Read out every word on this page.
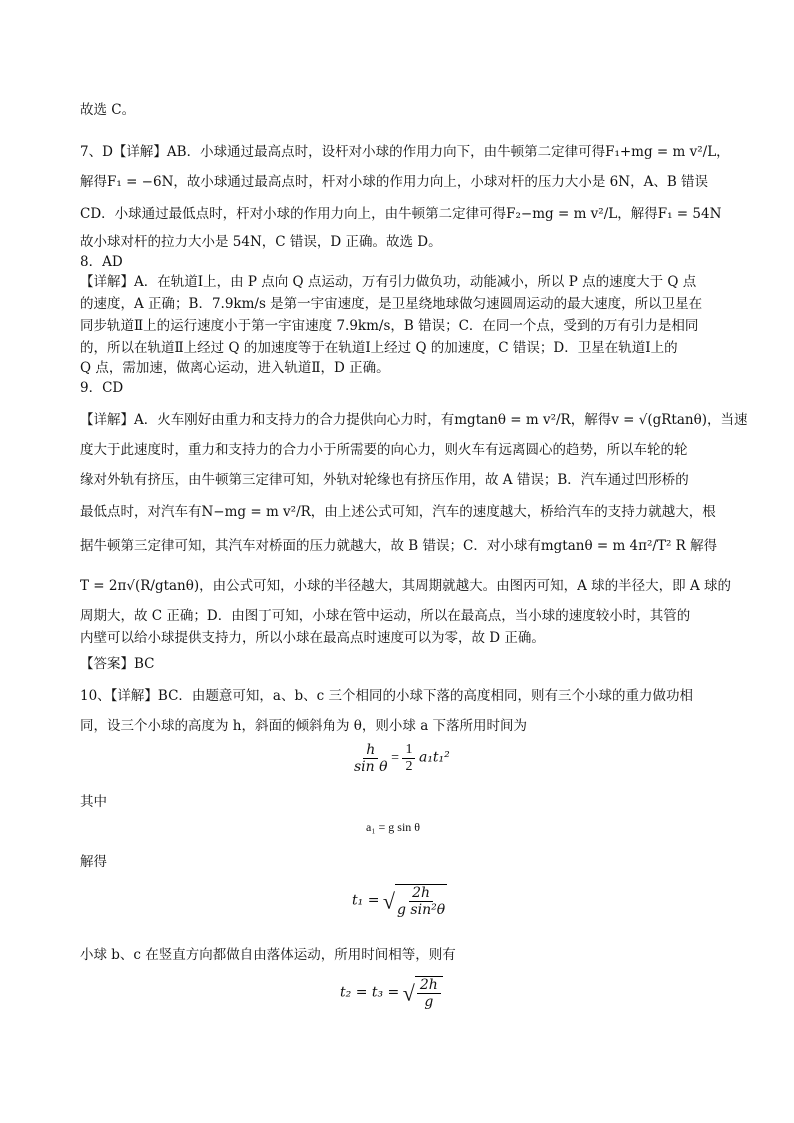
故选 C。
7、D【详解】AB．小球通过最高点时，设杆对小球的作用力向下，由牛顿第二定律可得F₁+mg = m v²/L，
解得F₁ = −6N，故小球通过最高点时，杆对小球的作用力向上，小球对杆的压力大小是 6N，A、B 错误
CD．小球通过最低点时，杆对小球的作用力向上，由牛顿第二定律可得F₂−mg = m v²/L，解得F₁ = 54N
故小球对杆的拉力大小是 54N，C 错误，D 正确。故选 D。
8．AD
【详解】A．在轨道Ⅰ上，由 P 点向 Q 点运动，万有引力做负功，动能减小，所以 P 点的速度大于 Q 点
的速度，A 正确；B．7.9km/s 是第一宇宙速度，是卫星绕地球做匀速圆周运动的最大速度，所以卫星在
同步轨道Ⅱ上的运行速度小于第一宇宙速度 7.9km/s，B 错误；C．在同一个点，受到的万有引力是相同
的，所以在轨道Ⅱ上经过 Q 的加速度等于在轨道Ⅰ上经过 Q 的加速度，C 错误；D．卫星在轨道Ⅰ上的
Q 点，需加速，做离心运动，进入轨道Ⅱ，D 正确。
9．CD
【详解】A．火车刚好由重力和支持力的合力提供向心力时，有mgtanθ = m v²/R，解得v = √(gRtanθ)，当速
度大于此速度时，重力和支持力的合力小于所需要的向心力，则火车有远离圆心的趋势，所以车轮的轮
缘对外轨有挤压，由牛顿第三定律可知，外轨对轮缘也有挤压作用，故 A 错误；B．汽车通过凹形桥的
最低点时，对汽车有N−mg = m v²/R，由上述公式可知，汽车的速度越大，桥给汽车的支持力就越大，根
据牛顿第三定律可知，其汽车对桥面的压力就越大，故 B 错误；C．对小球有mgtanθ = m 4π²/T² R 解得
T = 2π√(R/gtanθ)，由公式可知，小球的半径越大，其周期就越大。由图丙可知，A 球的半径大，即 A 球的
周期大，故 C 正确；D．由图丁可知，小球在管中运动，所以在最高点，当小球的速度较小时，其管的
内壁可以给小球提供支持力，所以小球在最高点时速度可以为零，故 D 正确。
【答案】BC
10、【详解】BC．由题意可知，a、b、c 三个相同的小球下落的高度相同，则有三个小球的重力做功相
同，设三个小球的高度为 h，斜面的倾斜角为 θ，则小球 a 下落所用时间为
$\frac{h}{\text{sin θ}} = \frac{1}{2} a_1t_1^2$
其中
a₁ = g sin θ
解得
t₁ = √ $\frac{2h}{\text{g sin²θ}}$
小球 b、c 在竖直方向都做自由落体运动，所用时间相等，则有
t₂ = t₃ = √ $\frac{2h}{g}$
